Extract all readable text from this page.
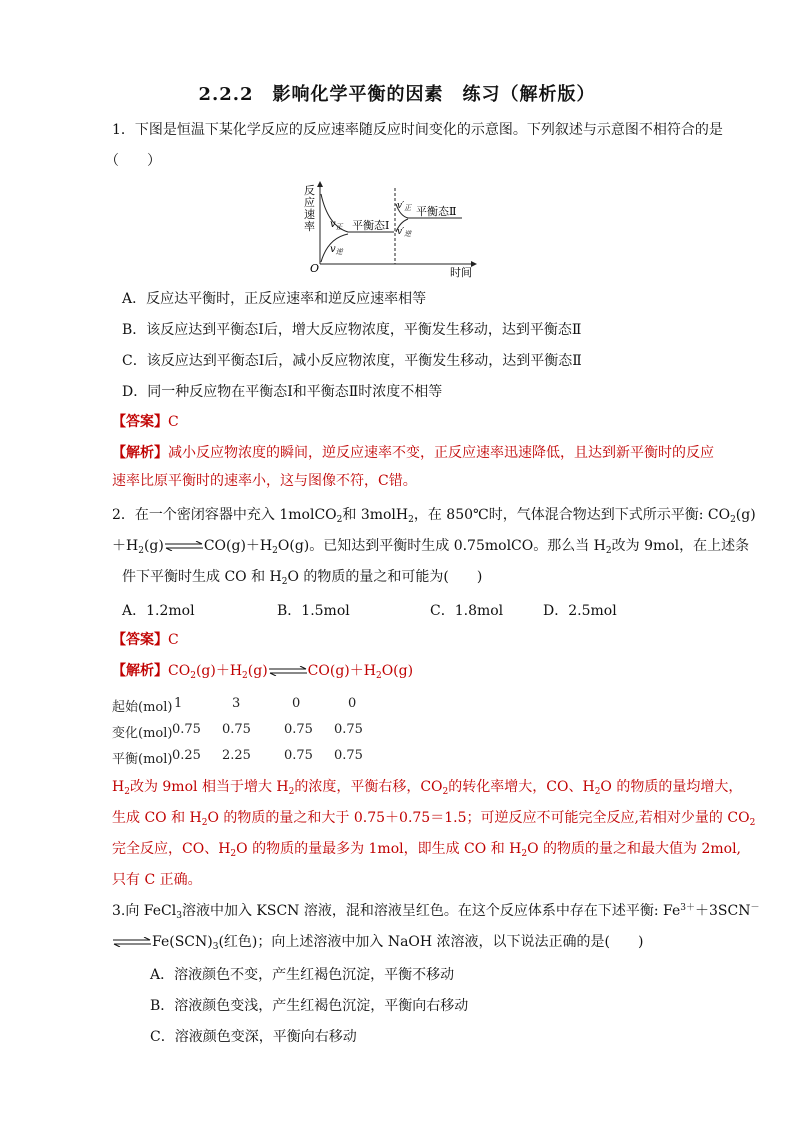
2.2.2　影响化学平衡的因素　练习（解析版）
1．下图是恒温下某化学反应的反应速率随反应时间变化的示意图。下列叙述与示意图不相符合的是
（　　）
反
应
速
率
O	时间
$v_正$
$v_逆$
平衡态Ⅰ
$v'_正$
$v'_逆$
平衡态Ⅱ
A．反应达平衡时，正反应速率和逆反应速率相等
B．该反应达到平衡态Ⅰ后，增大反应物浓度，平衡发生移动，达到平衡态Ⅱ
C．该反应达到平衡态Ⅰ后，减小反应物浓度，平衡发生移动，达到平衡态Ⅱ
D．同一种反应物在平衡态Ⅰ和平衡态Ⅱ时浓度不相等
【答案】C
【解析】减小反应物浓度的瞬间，逆反应速率不变，正反应速率迅速降低，且达到新平衡时的反应
速率比原平衡时的速率小，这与图像不符，C错。
2．在一个密闭容器中充入 1molCO$_2$和 3molH$_2$，在 850℃时，气体混合物达到下式所示平衡: $CO_2(g)$
$+H_2(g)\rightleftharpoons CO(g)+H_2O(g)$。已知达到平衡时生成 0.75molCO。那么当 $H_2$改为 9mol，在上述条
件下平衡时生成 CO 和 $H_2O$ 的物质的量之和可能为(　　)
A．1.2mol	B．1.5mol	C．1.8mol	D．2.5mol
【答案】C
【解析】$CO_2(g)+H_2(g)\rightleftharpoons CO(g)+H_2O(g)$
起始(mol) 1	3	0	0
变化(mol) 0.75 0.75	0.75 0.75
平衡(mol) 0.25 2.25	0.75 0.75
$H_2$改为 9mol 相当于增大 $H_2$的浓度，平衡右移，$CO_2$的转化率增大，CO、$H_2O$ 的物质的量均增大，
生成 CO 和 $H_2O$ 的物质的量之和大于 0.75＋0.75＝1.5；可逆反应不可能完全反应,若相对少量的 $CO_2$
完全反应，CO、$H_2O$ 的物质的量最多为 1mol，即生成 CO 和 $H_2O$ 的物质的量之和最大值为 2mol,
只有 C 正确。
3.向 FeCl$_3$溶液中加入 KSCN 溶液，混和溶液呈红色。在这个反应体系中存在下述平衡: $Fe^{3+}+3SCN^-$
$\rightleftharpoons Fe(SCN)_3$(红色)；向上述溶液中加入 NaOH 浓溶液，以下说法正确的是(　　)
A．溶液颜色不变，产生红褐色沉淀，平衡不移动
B．溶液颜色变浅，产生红褐色沉淀，平衡向右移动
C．溶液颜色变深，平衡向右移动
